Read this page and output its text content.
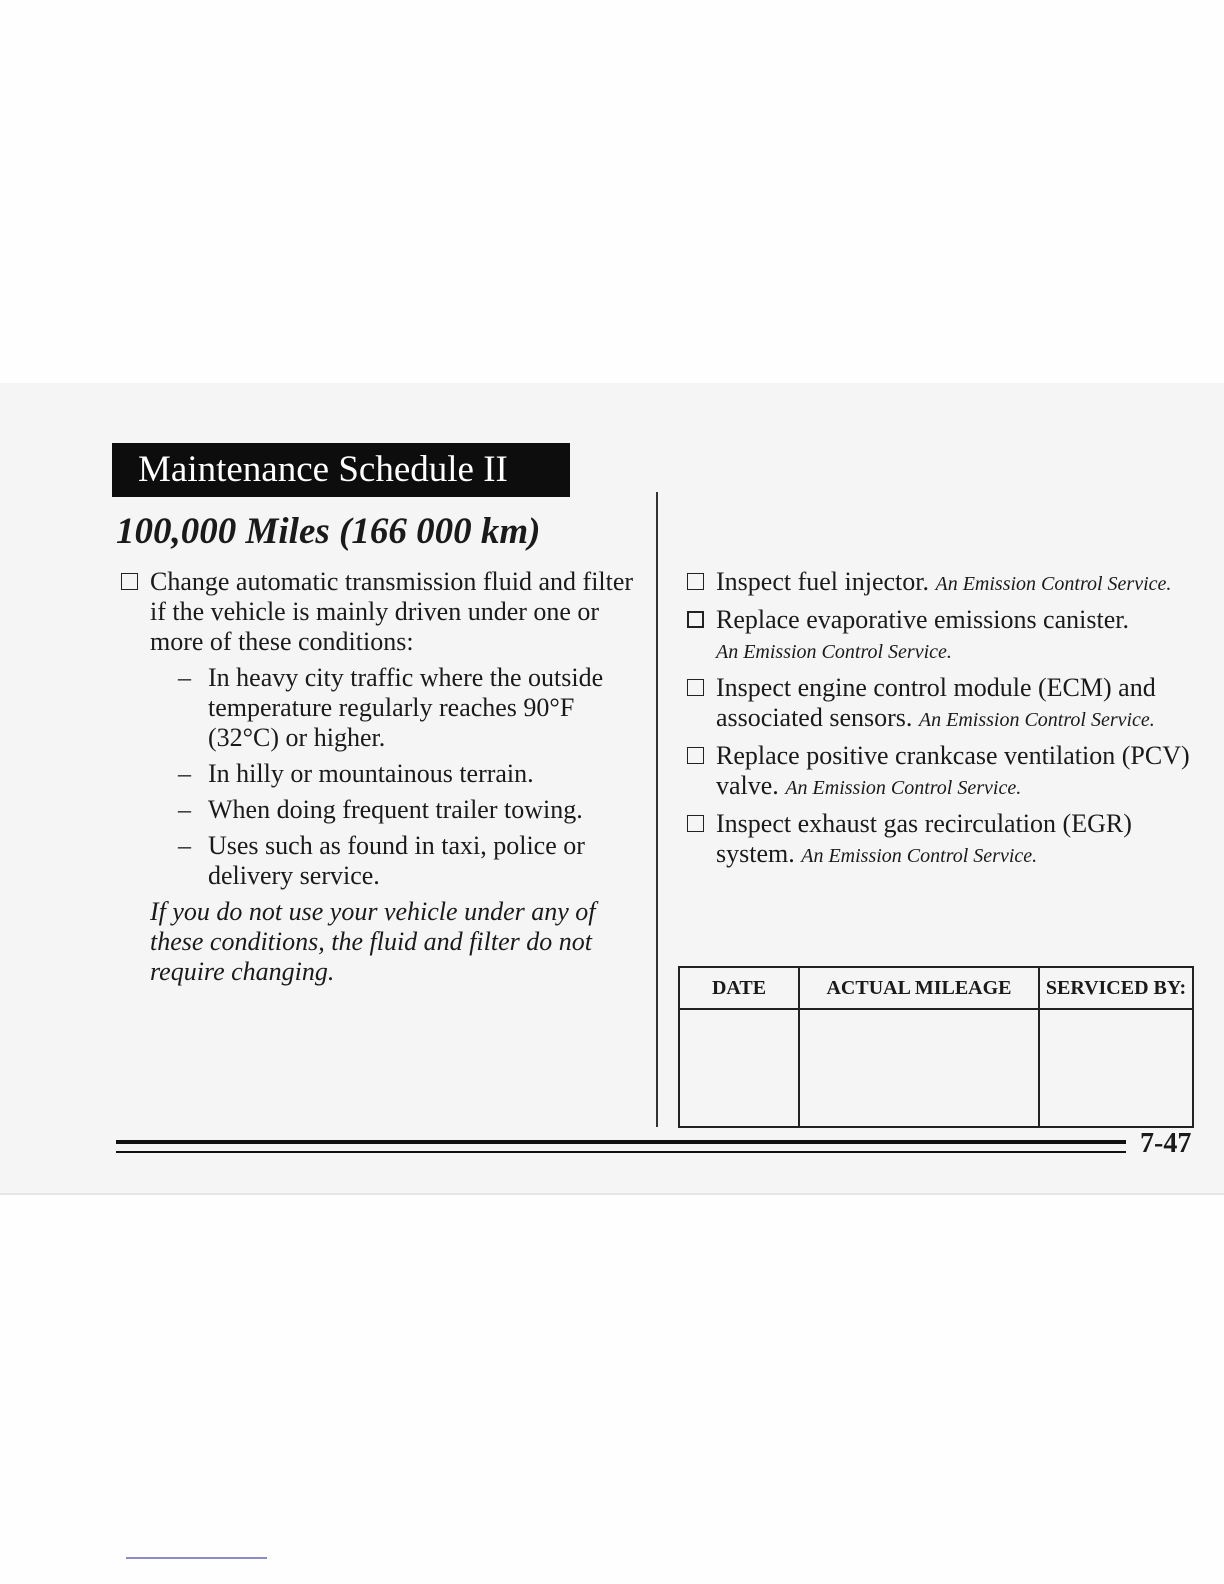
Maintenance Schedule II
100,000 Miles (166 000 km)
Change automatic transmission fluid and filter if the vehicle is mainly driven under one or more of these conditions:
– In heavy city traffic where the outside temperature regularly reaches 90°F (32°C) or higher.
– In hilly or mountainous terrain.
– When doing frequent trailer towing.
– Uses such as found in taxi, police or delivery service.
If you do not use your vehicle under any of these conditions, the fluid and filter do not require changing.
Inspect fuel injector. An Emission Control Service.
Replace evaporative emissions canister.
An Emission Control Service.
Inspect engine control module (ECM) and associated sensors. An Emission Control Service.
Replace positive crankcase ventilation (PCV) valve. An Emission Control Service.
Inspect exhaust gas recirculation (EGR) system. An Emission Control Service.
DATE	ACTUAL MILEAGE	SERVICED BY:

7-47
